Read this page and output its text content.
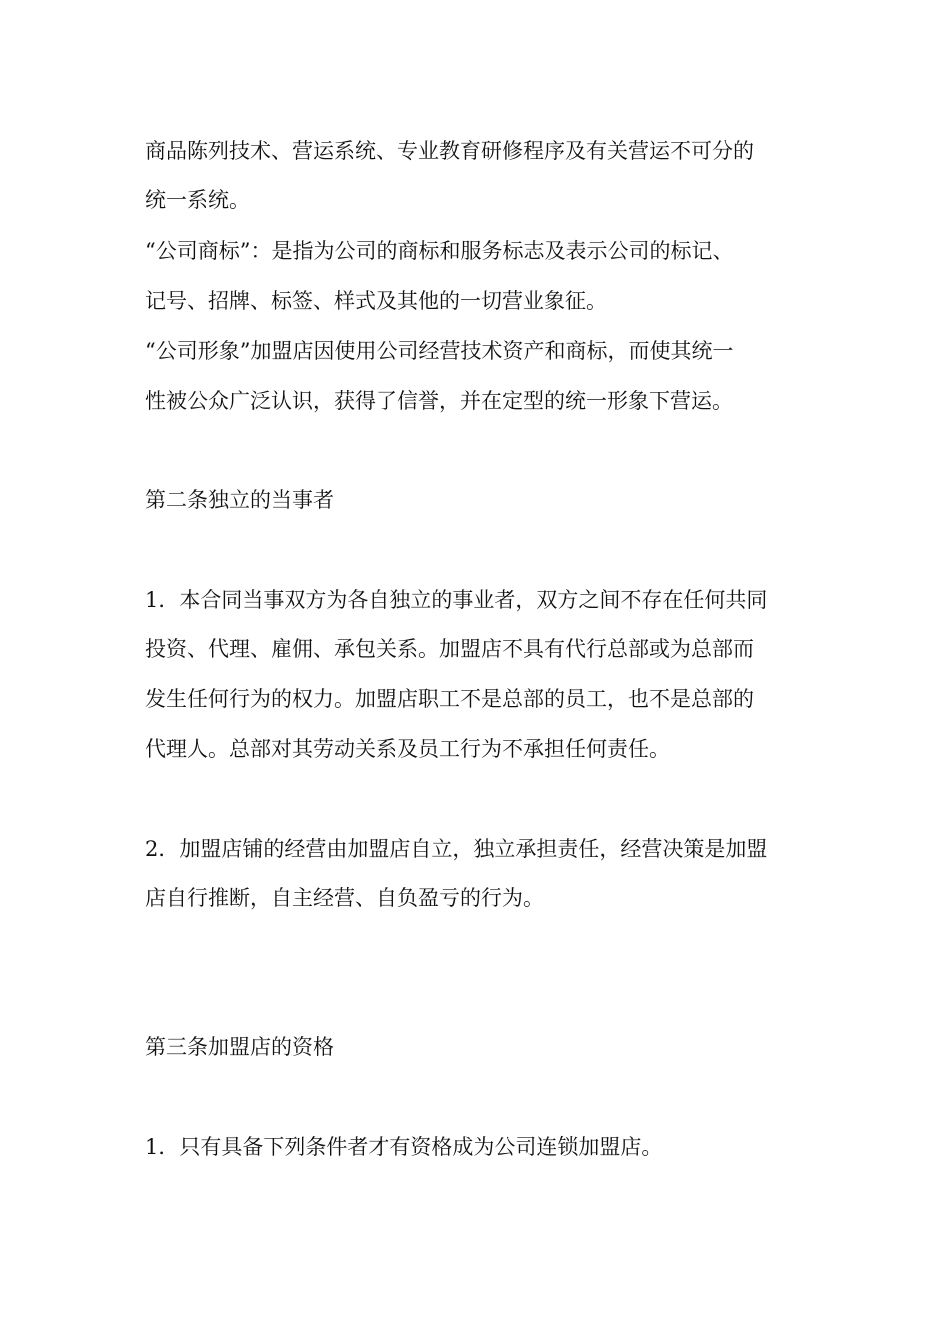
商品陈列技术、营运系统、专业教育研修程序及有关营运不可分的
统一系统。
“公司商标”：是指为公司的商标和服务标志及表示公司的标记、
记号、招牌、标签、样式及其他的一切营业象征。
“公司形象”加盟店因使用公司经营技术资产和商标，而使其统一
性被公众广泛认识，获得了信誉，并在定型的统一形象下营运。
第二条独立的当事者
1．本合同当事双方为各自独立的事业者，双方之间不存在任何共同
投资、代理、雇佣、承包关系。加盟店不具有代行总部或为总部而
发生任何行为的权力。加盟店职工不是总部的员工，也不是总部的
代理人。总部对其劳动关系及员工行为不承担任何责任。
2．加盟店铺的经营由加盟店自立，独立承担责任，经营决策是加盟
店自行推断，自主经营、自负盈亏的行为。
第三条加盟店的资格
1．只有具备下列条件者才有资格成为公司连锁加盟店。
